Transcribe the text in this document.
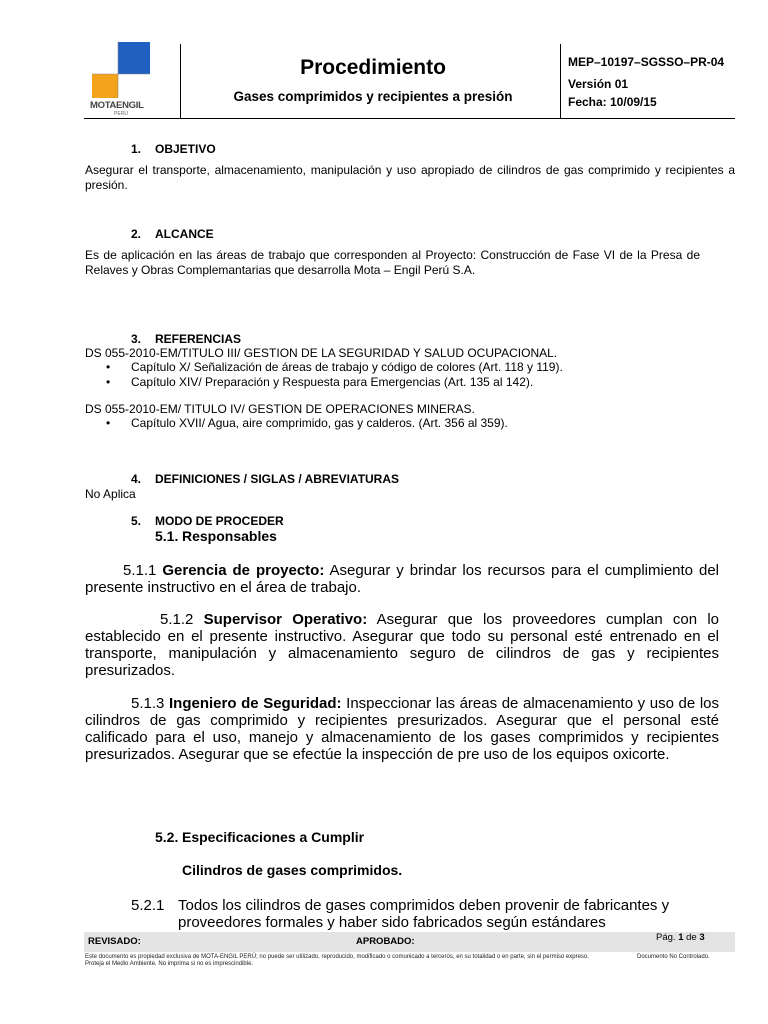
MOTAENGIL
PERÚ
Procedimiento
Gases comprimidos y recipientes a presión
MEP–10197–SGSSO–PR-04
Versión 01
Fecha: 10/09/15
1. OBJETIVO
Asegurar el transporte, almacenamiento, manipulación y uso apropiado de cilindros de gas comprimido y recipientes a presión.
2. ALCANCE
Es de aplicación en las áreas de trabajo que corresponden al Proyecto: Construcción de Fase VI de la Presa de Relaves y Obras Complemantarias que desarrolla Mota – Engil Perú S.A.
3. REFERENCIAS
DS 055-2010-EM/TITULO III/ GESTION DE LA SEGURIDAD Y SALUD OCUPACIONAL.
• Capítulo X/ Señalización de áreas de trabajo y código de colores (Art. 118 y 119).
• Capítulo XIV/ Preparación y Respuesta para Emergencias (Art. 135 al 142).
DS 055-2010-EM/ TITULO IV/ GESTION DE OPERACIONES MINERAS.
• Capítulo XVII/ Agua, aire comprimido, gas y calderos. (Art. 356 al 359).
4. DEFINICIONES / SIGLAS / ABREVIATURAS
No Aplica
5. MODO DE PROCEDER
5.1. Responsables
5.1.1 Gerencia de proyecto: Asegurar y brindar los recursos para el cumplimiento del presente instructivo en el área de trabajo.
5.1.2 Supervisor Operativo: Asegurar que los proveedores cumplan con lo establecido en el presente instructivo. Asegurar que todo su personal esté entrenado en el transporte, manipulación y almacenamiento seguro de cilindros de gas y recipientes presurizados.
5.1.3 Ingeniero de Seguridad: Inspeccionar las áreas de almacenamiento y uso de los cilindros de gas comprimido y recipientes presurizados. Asegurar que el personal esté calificado para el uso, manejo y almacenamiento de los gases comprimidos y recipientes presurizados. Asegurar que se efectúe la inspección de pre uso de los equipos oxicorte.
5.2. Especificaciones a Cumplir
Cilindros de gases comprimidos.
5.2.1 Todos los cilindros de gases comprimidos deben provenir de fabricantes y
proveedores formales y haber sido fabricados según estándares
REVISADO:	APROBADO:	Pág. 1 de 3
Este documento es propiedad exclusiva de MOTA-ENGIL PERÚ; no puede ser utilizado, reproducido, modificado o comunicado a terceros, en su totalidad o en parte, sin el permiso expreso.
Proteja el Medio Ambiente. No imprima si no es imprescindible.
Documento No Controlado.
